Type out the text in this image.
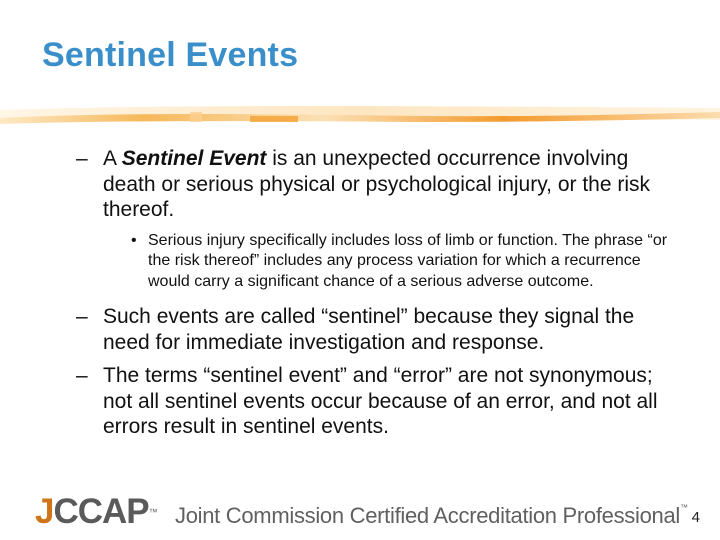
Sentinel Events
– A Sentinel Event is an unexpected occurrence involving death or serious physical or psychological injury, or the risk thereof.
• Serious injury specifically includes loss of limb or function. The phrase “or the risk thereof” includes any process variation for which a recurrence would carry a significant chance of a serious adverse outcome.
– Such events are called “sentinel” because they signal the need for immediate investigation and response.
– The terms “sentinel event” and “error” are not synonymous; not all sentinel events occur because of an error, and not all errors result in sentinel events.
JCCAP™ Joint Commission Certified Accreditation Professional™
4
